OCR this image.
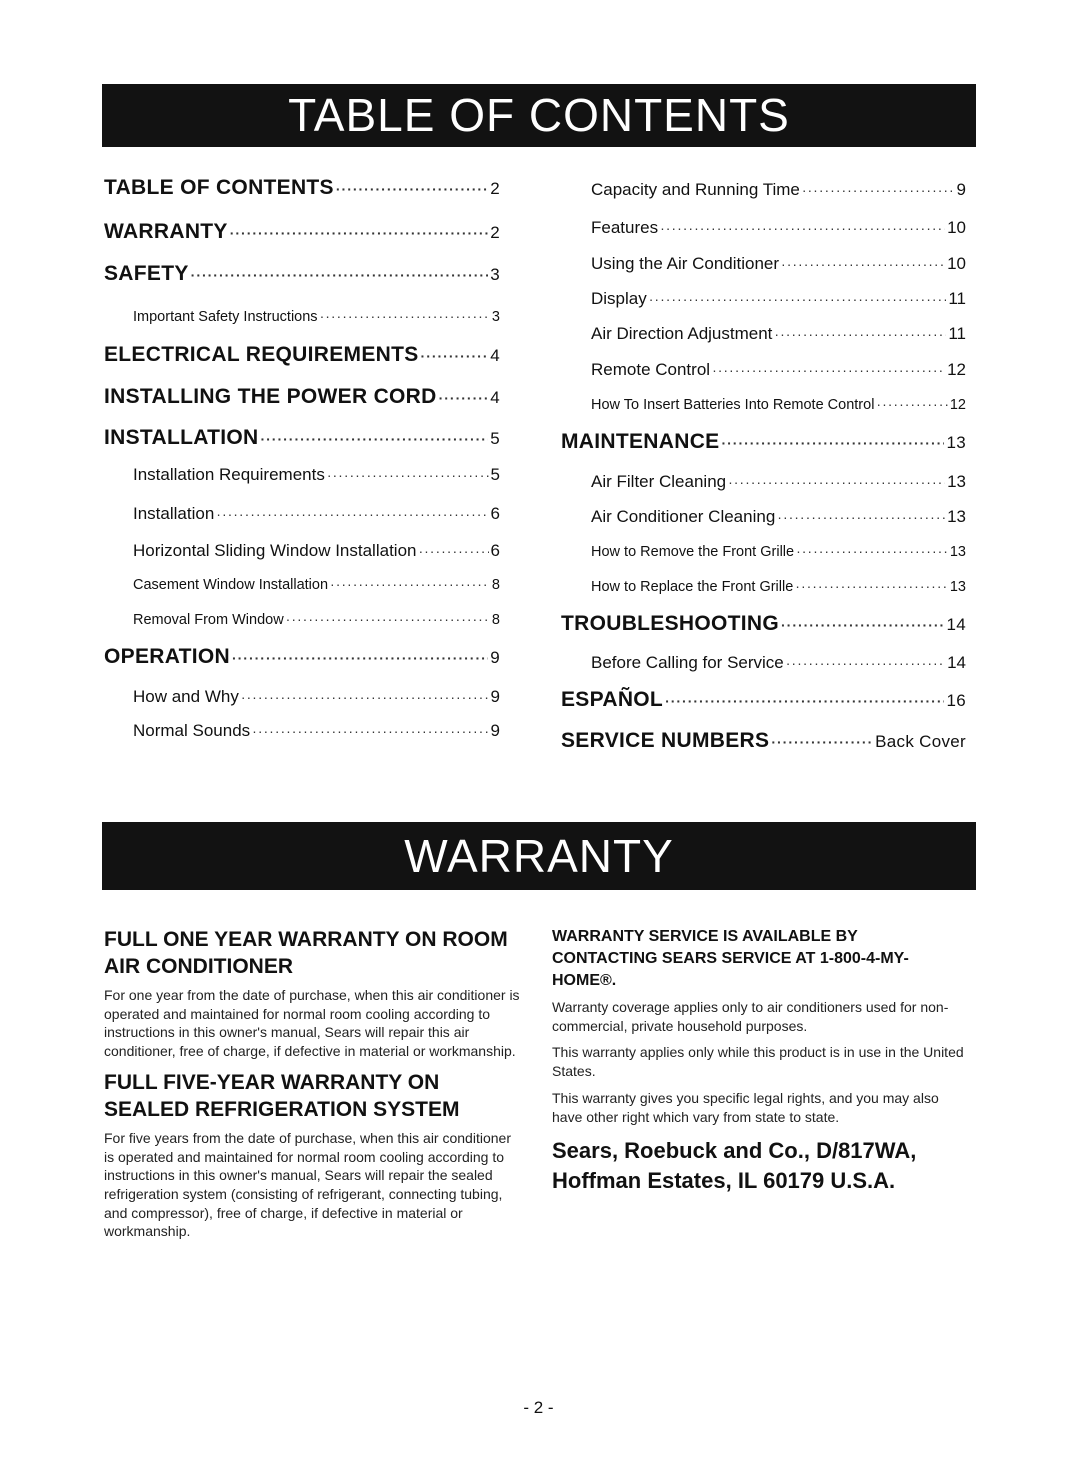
TABLE OF CONTENTS
TABLE OF CONTENTS ·····	2
WARRANTY ·····	2
SAFETY ·····	3
Important Safety Instructions ·····	3
ELECTRICAL REQUIREMENTS ·····	4
INSTALLING THE POWER CORD ·····	4
INSTALLATION ·····	5
Installation Requirements ·····	5
Installation ·····	6
Horizontal Sliding Window Installation ·····	6
Casement Window Installation ·····	8
Removal From Window ·····	8
OPERATION ·····	9
How and Why ·····	9
Normal Sounds ·····	9
Capacity and Running Time ·····	9
Features ·····	10
Using the Air Conditioner ·····	10
Display ·····	11
Air Direction Adjustment ·····	11
Remote Control ·····	12
How To Insert Batteries Into Remote Control ·····	12
MAINTENANCE ·····	13
Air Filter Cleaning ·····	13
Air Conditioner Cleaning ·····	13
How to Remove the Front Grille ·····	13
How to Replace the Front Grille ·····	13
TROUBLESHOOTING ·····	14
Before Calling for Service ·····	14
ESPAÑOL ·····	16
SERVICE NUMBERS ·····	Back Cover
WARRANTY

FULL ONE YEAR WARRANTY ON ROOM AIR CONDITIONER

For one year from the date of purchase, when this air conditioner is operated and maintained for normal room cooling according to instructions in this owner's manual, Sears will repair this air conditioner, free of charge, if defective in material or workmanship.

FULL FIVE-YEAR WARRANTY ON SEALED REFRIGERATION SYSTEM

For five years from the date of purchase, when this air conditioner is operated and maintained for normal room cooling according to instructions in this owner's manual, Sears will repair the sealed refrigeration system (consisting of refrigerant, connecting tubing, and compressor), free of charge, if defective in material or workmanship.

WARRANTY SERVICE IS AVAILABLE BY CONTACTING SEARS SERVICE AT 1-800-4-MY-HOME®.

Warranty coverage applies only to air conditioners used for non-commercial, private household purposes.

This warranty applies only while this product is in use in the United States.

This warranty gives you specific legal rights, and you may also have other right which vary from state to state.

Sears, Roebuck and Co., D/817WA, Hoffman Estates, IL 60179 U.S.A.

- 2 -
